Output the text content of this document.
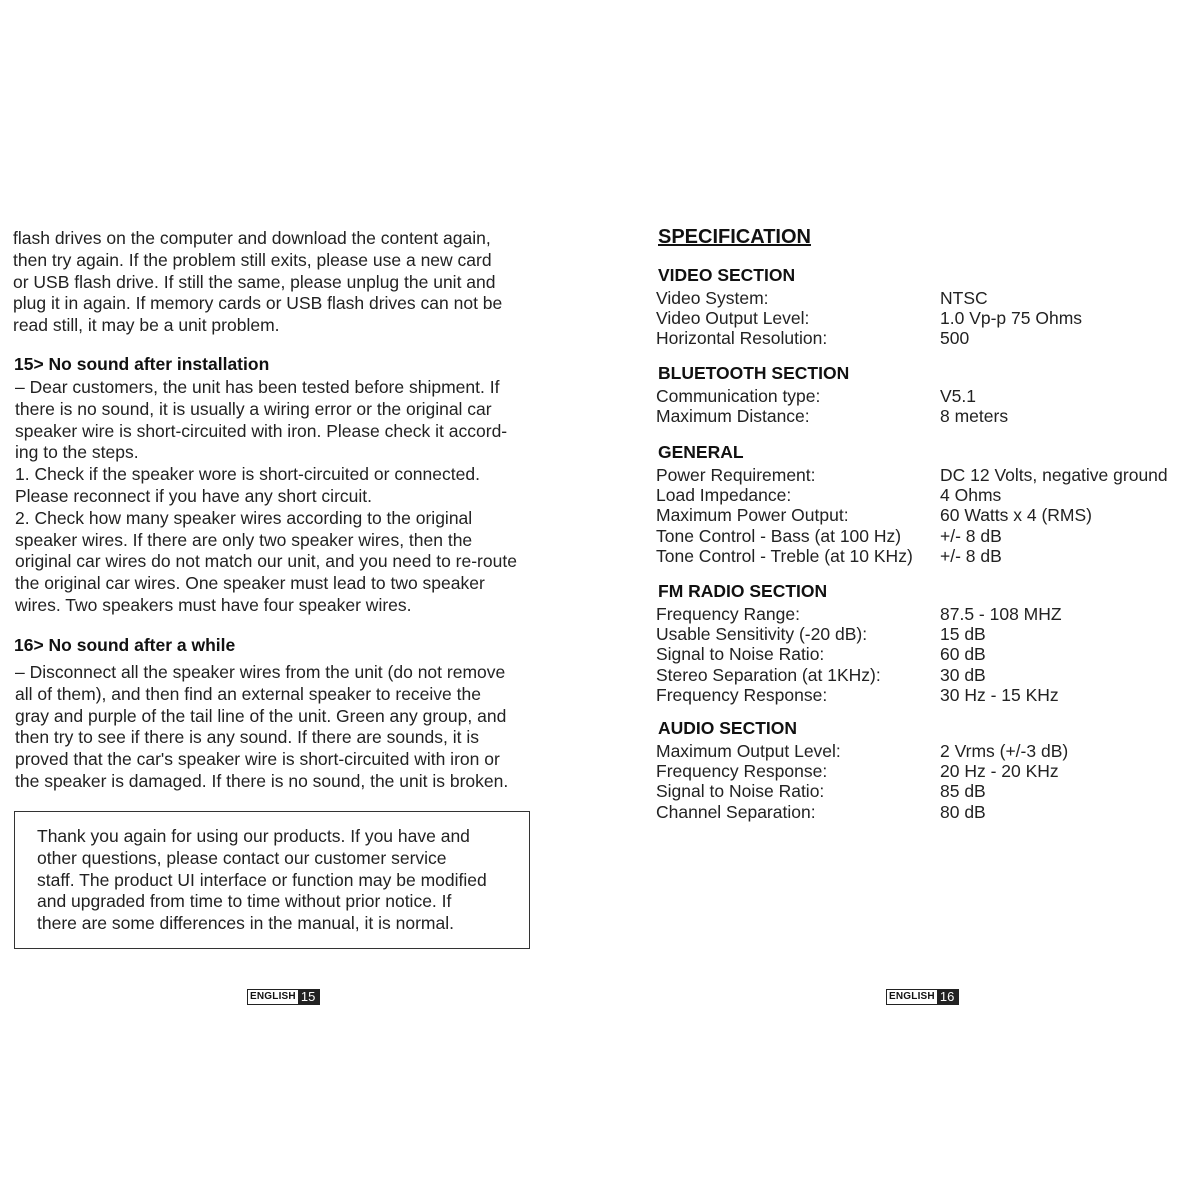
flash drives on the computer and download the content again,
then try again. If the problem still exits, please use a new card
or USB flash drive. If still the same, please unplug the unit and
plug it in again. If memory cards or USB flash drives can not be
read still, it may be a unit problem.

15> No sound after installation

– Dear customers, the unit has been tested before shipment. If
there is no sound, it is usually a wiring error or the original car
speaker wire is short-circuited with iron. Please check it accord-
ing to the steps.
1. Check if the speaker wore is short-circuited or connected.
Please reconnect if you have any short circuit.
2. Check how many speaker wires according to the original
speaker wires. If there are only two speaker wires, then the
original car wires do not match our unit, and you need to re-route
the original car wires. One speaker must lead to two speaker
wires. Two speakers must have four speaker wires.

16> No sound after a while

– Disconnect all the speaker wires from the unit (do not remove
all of them), and then find an external speaker to receive the
gray and purple of the tail line of the unit. Green any group, and
then try to see if there is any sound. If there are sounds, it is
proved that the car's speaker wire is short-circuited with iron or
the speaker is damaged. If there is no sound, the unit is broken.

Thank you again for using our products. If you have and
other questions, please contact our customer service
staff. The product UI interface or function may be modified
and upgraded from time to time without prior notice. If
there are some differences in the manual, it is normal.

ENGLISH 15
SPECIFICATION
VIDEO SECTION
Video System:	NTSC
Video Output Level:	1.0 Vp-p 75 Ohms
Horizontal Resolution:	500
BLUETOOTH SECTION
Communication type:	V5.1
Maximum Distance:	8 meters
GENERAL
Power Requirement:	DC 12 Volts, negative ground
Load Impedance:	4 Ohms
Maximum Power Output:	60 Watts x 4 (RMS)
Tone Control - Bass (at 100 Hz)	+/- 8 dB
Tone Control - Treble (at 10 KHz)	+/- 8 dB
FM RADIO SECTION
Frequency Range:	87.5 - 108 MHZ
Usable Sensitivity (-20 dB):	15 dB
Signal to Noise Ratio:	60 dB
Stereo Separation (at 1KHz):	30 dB
Frequency Response:	30 Hz - 15 KHz
AUDIO SECTION
Maximum Output Level:	2 Vrms (+/-3 dB)
Frequency Response:	20 Hz - 20 KHz
Signal to Noise Ratio:	85 dB
Channel Separation:	80 dB
ENGLISH 16
